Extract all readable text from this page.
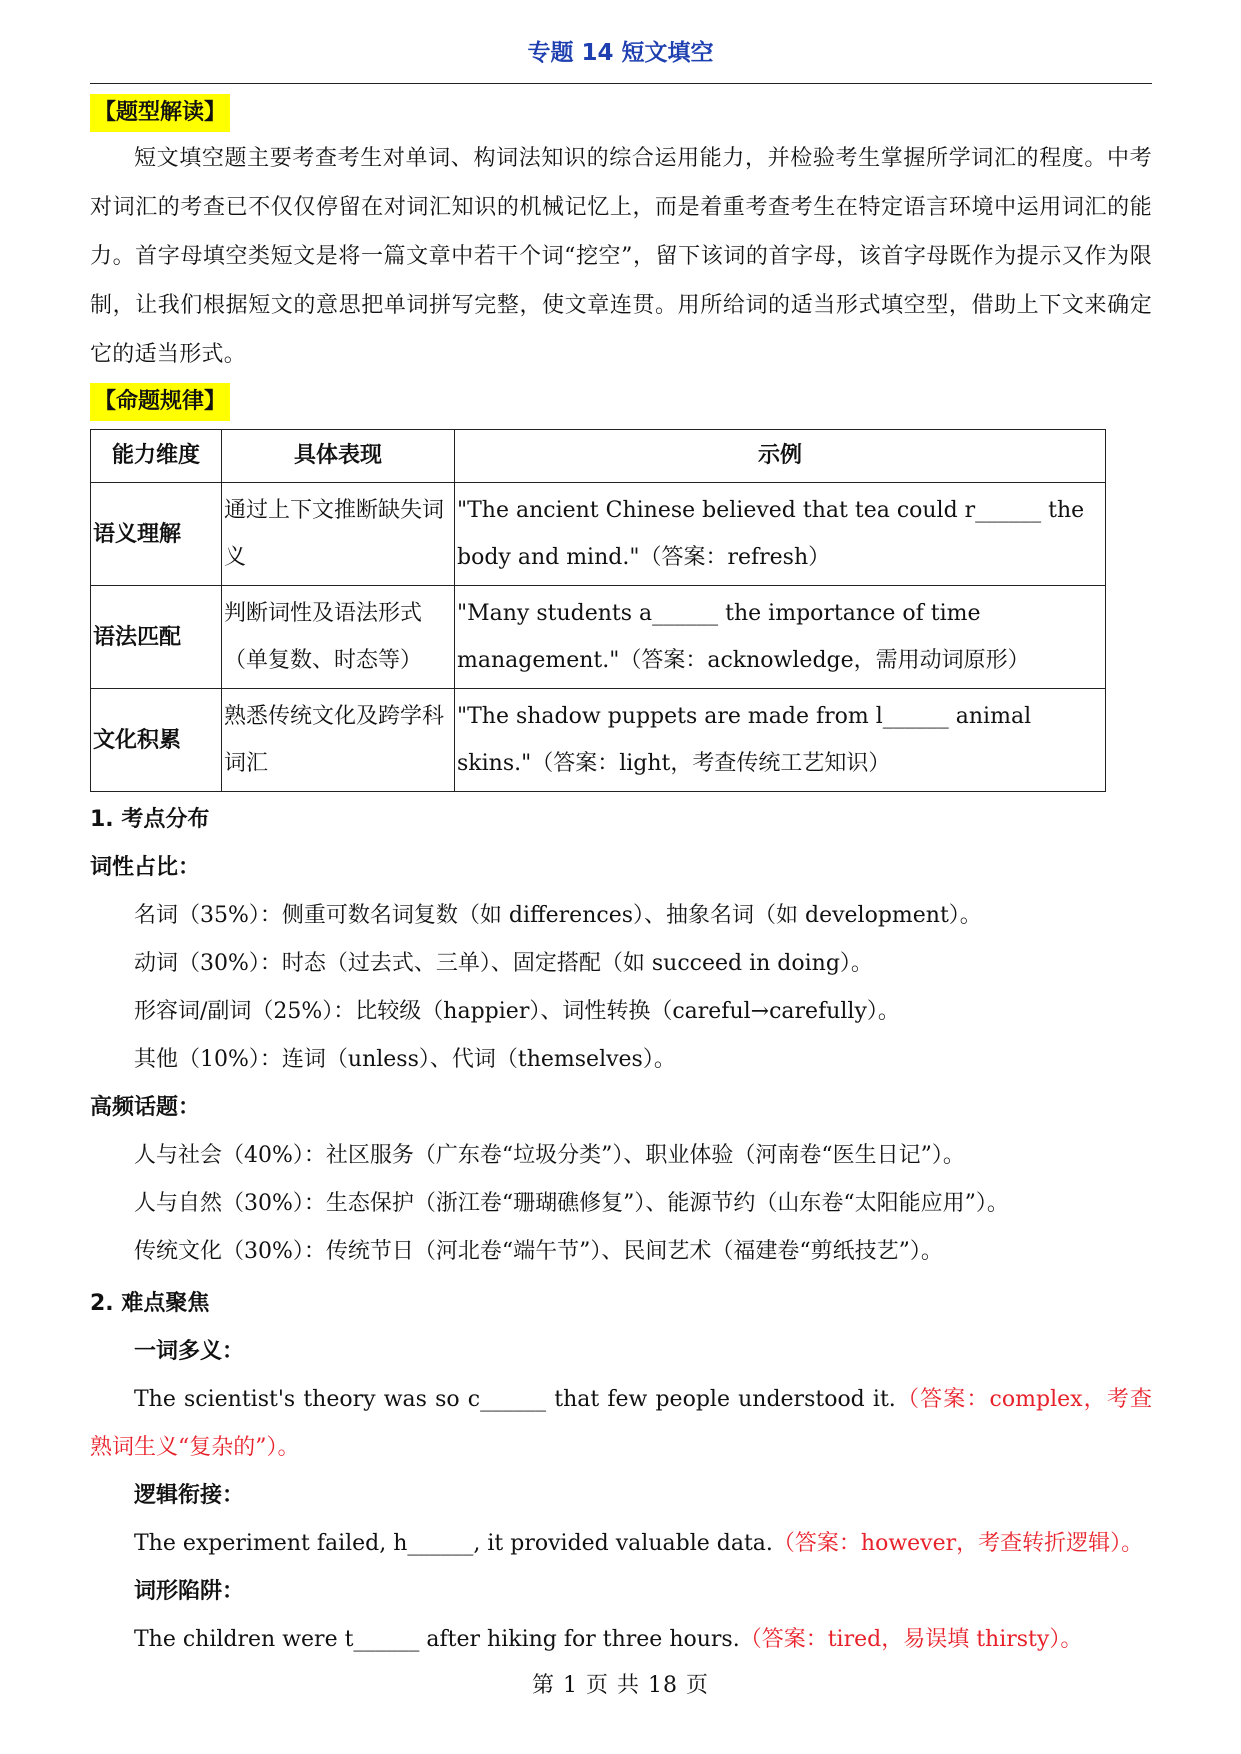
专题 14 短文填空
【题型解读】

短文填空题主要考查考生对单词、构词法知识的综合运用能力，并检验考生掌握所学词汇的程度。中考对词汇的考查已不仅仅停留在对词汇知识的机械记忆上，而是着重考查考生在特定语言环境中运用词汇的能力。首字母填空类短文是将一篇文章中若干个词“挖空”，留下该词的首字母，该首字母既作为提示又作为限制，让我们根据短文的意思把单词拼写完整，使文章连贯。用所给词的适当形式填空型，借助上下文来确定它的适当形式。

【命题规律】
能力维度	具体表现	示例
语义理解	通过上下文推断缺失词义	"The ancient Chinese believed that tea could r______ the body and mind."（答案：refresh）
语法匹配	判断词性及语法形式（单复数、时态等）	"Many students a______ the importance of time management."（答案：acknowledge，需用动词原形）
文化积累	熟悉传统文化及跨学科词汇	"The shadow puppets are made from l______ animal skins."（答案：light，考查传统工艺知识）
1. 考点分布
词性占比：
名词（35%）：侧重可数名词复数（如 differences）、抽象名词（如 development）。
动词（30%）：时态（过去式、三单）、固定搭配（如 succeed in doing）。
形容词/副词（25%）：比较级（happier）、词性转换（careful→carefully）。
其他（10%）：连词（unless）、代词（themselves）。
高频话题：
人与社会（40%）：社区服务（广东卷“垃圾分类”）、职业体验（河南卷“医生日记”）。
人与自然（30%）：生态保护（浙江卷“珊瑚礁修复”）、能源节约（山东卷“太阳能应用”）。
传统文化（30%）：传统节日（河北卷“端午节”）、民间艺术（福建卷“剪纸技艺”）。
2. 难点聚焦
一词多义：
The scientist's theory was so c______ that few people understood it.（答案：complex，考查熟词生义“复杂的”）。
逻辑衔接：
The experiment failed, h______, it provided valuable data.（答案：however，考查转折逻辑）。
词形陷阱：
The children were t______ after hiking for three hours.（答案：tired，易误填 thirsty）。
第 1 页 共 18 页
